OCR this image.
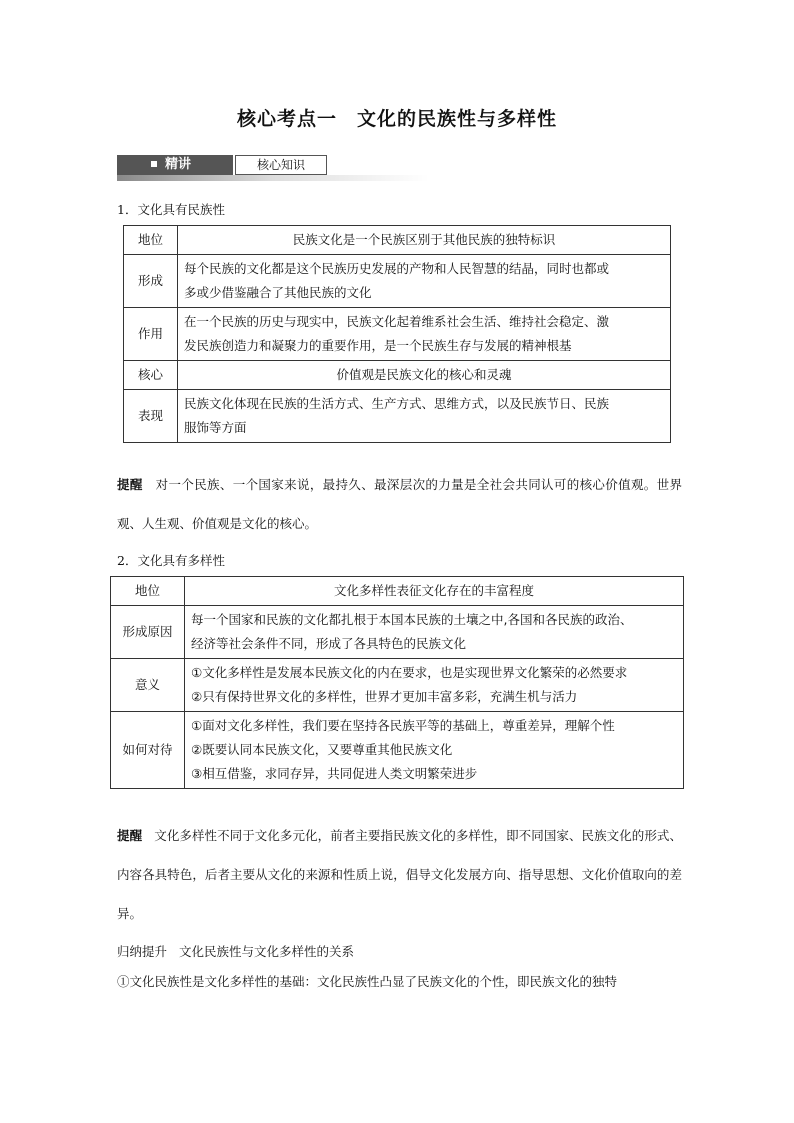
核心考点一　文化的民族性与多样性
精讲	核心知识
1．文化具有民族性
地位	民族文化是一个民族区别于其他民族的独特标识

形成	每个民族的文化都是这个民族历史发展的产物和人民智慧的结晶，同时也都或
多或少借鉴融合了其他民族的文化

作用	在一个民族的历史与现实中，民族文化起着维系社会生活、维持社会稳定、激
发民族创造力和凝聚力的重要作用，是一个民族生存与发展的精神根基

核心	价值观是民族文化的核心和灵魂

表现	民族文化体现在民族的生活方式、生产方式、思维方式，以及民族节日、民族
服饰等方面
提醒 对一个民族、一个国家来说，最持久、最深层次的力量是全社会共同认可的核心价值观。世界观、人生观、价值观是文化的核心。
2．文化具有多样性
地位	文化多样性表征文化存在的丰富程度

形成原因	每一个国家和民族的文化都扎根于本国本民族的土壤之中,各国和各民族的政治、
经济等社会条件不同，形成了各具特色的民族文化

意义	①文化多样性是发展本民族文化的内在要求，也是实现世界文化繁荣的必然要求
②只有保持世界文化的多样性，世界才更加丰富多彩，充满生机与活力

如何对待	①面对文化多样性，我们要在坚持各民族平等的基础上，尊重差异，理解个性
②既要认同本民族文化，又要尊重其他民族文化
③相互借鉴，求同存异，共同促进人类文明繁荣进步
提醒 文化多样性不同于文化多元化，前者主要指民族文化的多样性，即不同国家、民族文化的形式、内容各具特色，后者主要从文化的来源和性质上说，倡导文化发展方向、指导思想、文化价值取向的差异。
归纳提升 文化民族性与文化多样性的关系
①文化民族性是文化多样性的基础：文化民族性凸显了民族文化的个性，即民族文化的独特
